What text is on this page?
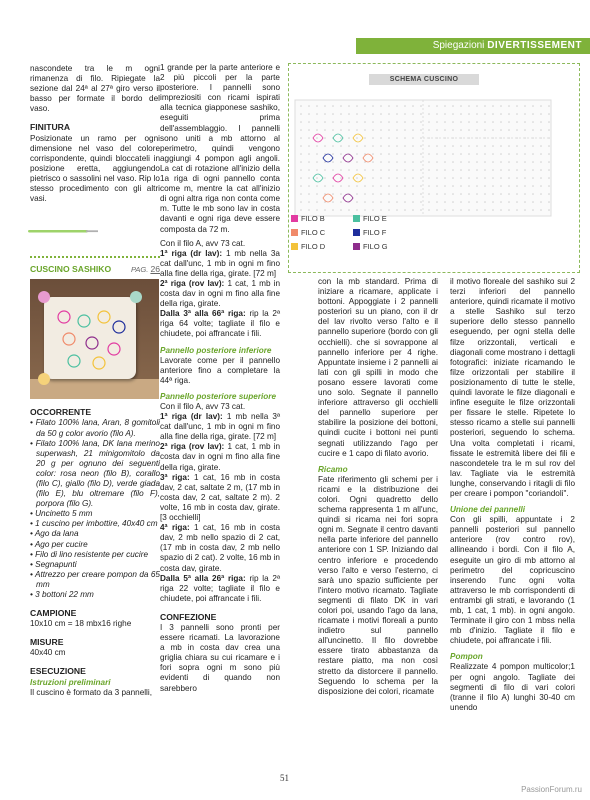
Spiegazioni DIVERTISSEMENT

nascondete tra le m ogni rimanenza di filo. Ripiegate la sezione dal 24ª al 27ª giro verso il basso per formate il bordo del vaso.

FINITURA

Posizionate un ramo per ogni dimensione nel vaso del colore corrispondente, quindi bloccateli in posizione eretta, aggiungendo pietrisco o sassolini nel vaso. Rip lo stesso procedimento con gli altri vasi.

CUSCINO SASHIKO	PAG. 26
OCCORRENTE

• Filato 100% lana, Aran, 8 gomitoli da 50 g color avorio (filo A).

• Filato 100% lana, DK lana merino superwash, 21 minigomitolo da 20 g per ognuno dei seguenti color: rosa neon (filo B), corallo (filo C), giallo (filo D), verde giada (filo E), blu oltremare (filo F), porpora (filo G).

• Uncinetto 5 mm

• 1 cuscino per imbottire, 40x40 cm

• Ago da lana

• Ago per cucire

• Filo di lino resistente per cucire

• Segnapunti

• Attrezzo per creare pompon da 65 mm

• 3 bottoni 22 mm

CAMPIONE

10x10 cm = 18 mbx16 righe

MISURE

40x40 cm

ESECUZIONE

Istruzioni preliminari

Il cuscino è formato da 3 pannelli,

1 grande per la parte anteriore e 2 più piccoli per la parte posteriore. I pannelli sono impreziositi con ricami ispirati alla tecnica giapponese sashiko, eseguiti prima dell'assemblaggio. I pannelli sono uniti a mb attorno al perimetro, quindi vengono aggiungi 4 pompon agli angoli. La cat di rotazione all'inizio della 1a riga di ogni pannello conta come m, mentre la cat all'inizio di ogni altra riga non conta come m. Tutte le mb sono lav in costa davanti e ogni riga deve essere composta da 72 m.

Con il filo A, avv 73 cat.

1ª riga (dr lav): 1 mb nella 3a cat dall'unc, 1 mb in ogni m fino alla fine della riga, girate. [72 m]

2ª riga (rov lav): 1 cat, 1 mb in costa dav in ogni m fino alla fine della riga, girate.

Dalla 3ª alla 66ª riga: rip la 2ª riga 64 volte; tagliate il filo e chiudete, poi affrancate i fili.

Pannello posteriore inferiore

Lavorate come per il pannello anteriore fino a completare la 44ª riga.

Pannello posteriore superiore

Con il filo A, avv 73 cat.

1ª riga (dr lav): 1 mb nella 3ª cat dall'unc, 1 mb in ogni m fino alla fine della riga, girate. [72 m]

2ª riga (rov lav): 1 cat, 1 mb in costa dav in ogni m fino alla fine della riga, girate.

3ª riga: 1 cat, 16 mb in costa dav, 2 cat, saltate 2 m, (17 mb in costa dav, 2 cat, saltate 2 m). 2 volte, 16 mb in costa dav, girate. [3 occhielli]

4ª riga: 1 cat, 16 mb in costa dav, 2 mb nello spazio di 2 cat, (17 mb in costa dav, 2 mb nello spazio di 2 cat). 2 volte, 16 mb in costa dav, girate.

Dalla 5ª alla 26ª riga: rip la 2ª riga 22 volte; tagliate il filo e chiudete, poi affrancate i fili.

CONFEZIONE

I 3 pannelli sono pronti per essere ricamati. La lavorazione a mb in costa dav crea una griglia chiara su cui ricamare e i fori sopra ogni m sono più evidenti di quando non sarebbero

SCHEMA CUSCINO
FILO B
FILO C
FILO D
FILO E
FILO F
FILO G

con la mb standard. Prima di iniziare a ricamare, applicate i bottoni. Appoggiate i 2 pannelli posteriori su un piano, con il dr del lav rivolto verso l'alto e il pannello superiore (bordo con gli occhielli). che si sovrappone al pannello inferiore per 4 righe. Appuntate insieme i 2 pannelli ai lati con gli spilli in modo che posano essere lavorati come uno solo. Segnate il pannello inferiore attraverso gli occhielli del pannello superiore per stabilire la posizione dei bottoni, quindi cucite i bottoni nei punti segnati utilizzando l'ago per cucire e 1 capo di filato avorio.

Ricamo

Fate riferimento gli schemi per i ricami e la distribuzione dei colori. Ogni quadretto dello schema rappresenta 1 m all'unc, quindi si ricama nei fori sopra ogni m. Segnate il centro davanti nella parte inferiore del pannello anteriore con 1 SP. Iniziando dal centro inferiore e procedendo verso l'alto e verso l'esterno, ci sarà uno spazio sufficiente per l'intero motivo ricamato. Tagliate segmenti di filato DK in vari colori poi, usando l'ago da lana, ricamate i motivi floreali a punto indietro sul pannello all'uncinetto. Il filo dovrebbe essere tirato abbastanza da restare piatto, ma non così stretto da distorcere il pannello. Seguendo lo schema per la disposizione dei colori, ricamate

il motivo floreale del sashiko sui 2 terzi inferiori del pannello anteriore, quindi ricamate il motivo a stelle Sashiko sul terzo superiore dello stesso pannello eseguendo, per ogni stella delle filze orizzontali, verticali e diagonali come mostrano i dettagli fotografici: iniziate ricamando le filze orizzontali per stabilire il posizionamento di tutte le stelle, quindi lavorate le filze diagonali e infine eseguite le filze orizzontali per fissare le stelle. Ripetete lo stesso ricamo a stelle sui pannelli posteriori, seguendo lo schema. Una volta completati i ricami, fissate le estremità libere dei fili e nascondetele tra le m sul rov del lav. Tagliate via le estremità lunghe, conservando i ritagli di filo per creare i pompon "coriandoli".

Unione dei pannelli

Con gli spilli, appuntate i 2 pannelli posteriori sul pannello anteriore (rov contro rov), allineando i bordi. Con il filo A, eseguite un giro di mb attorno al perimetro del copricuscino inserendo l'unc ogni volta attraverso le mb corrispondenti di entrambi gli strati, e lavorando (1 mb, 1 cat, 1 mb). in ogni angolo. Terminate il giro con 1 mbss nella mb d'inizio. Tagliate il filo e chiudete, poi affrancate i fili.

Pompon

Realizzate 4 pompon multicolor;1 per ogni angolo. Tagliate dei segmenti di filo di vari colori (tranne il filo A) lunghi 30-40 cm unendo

51
PassionForum.ru
